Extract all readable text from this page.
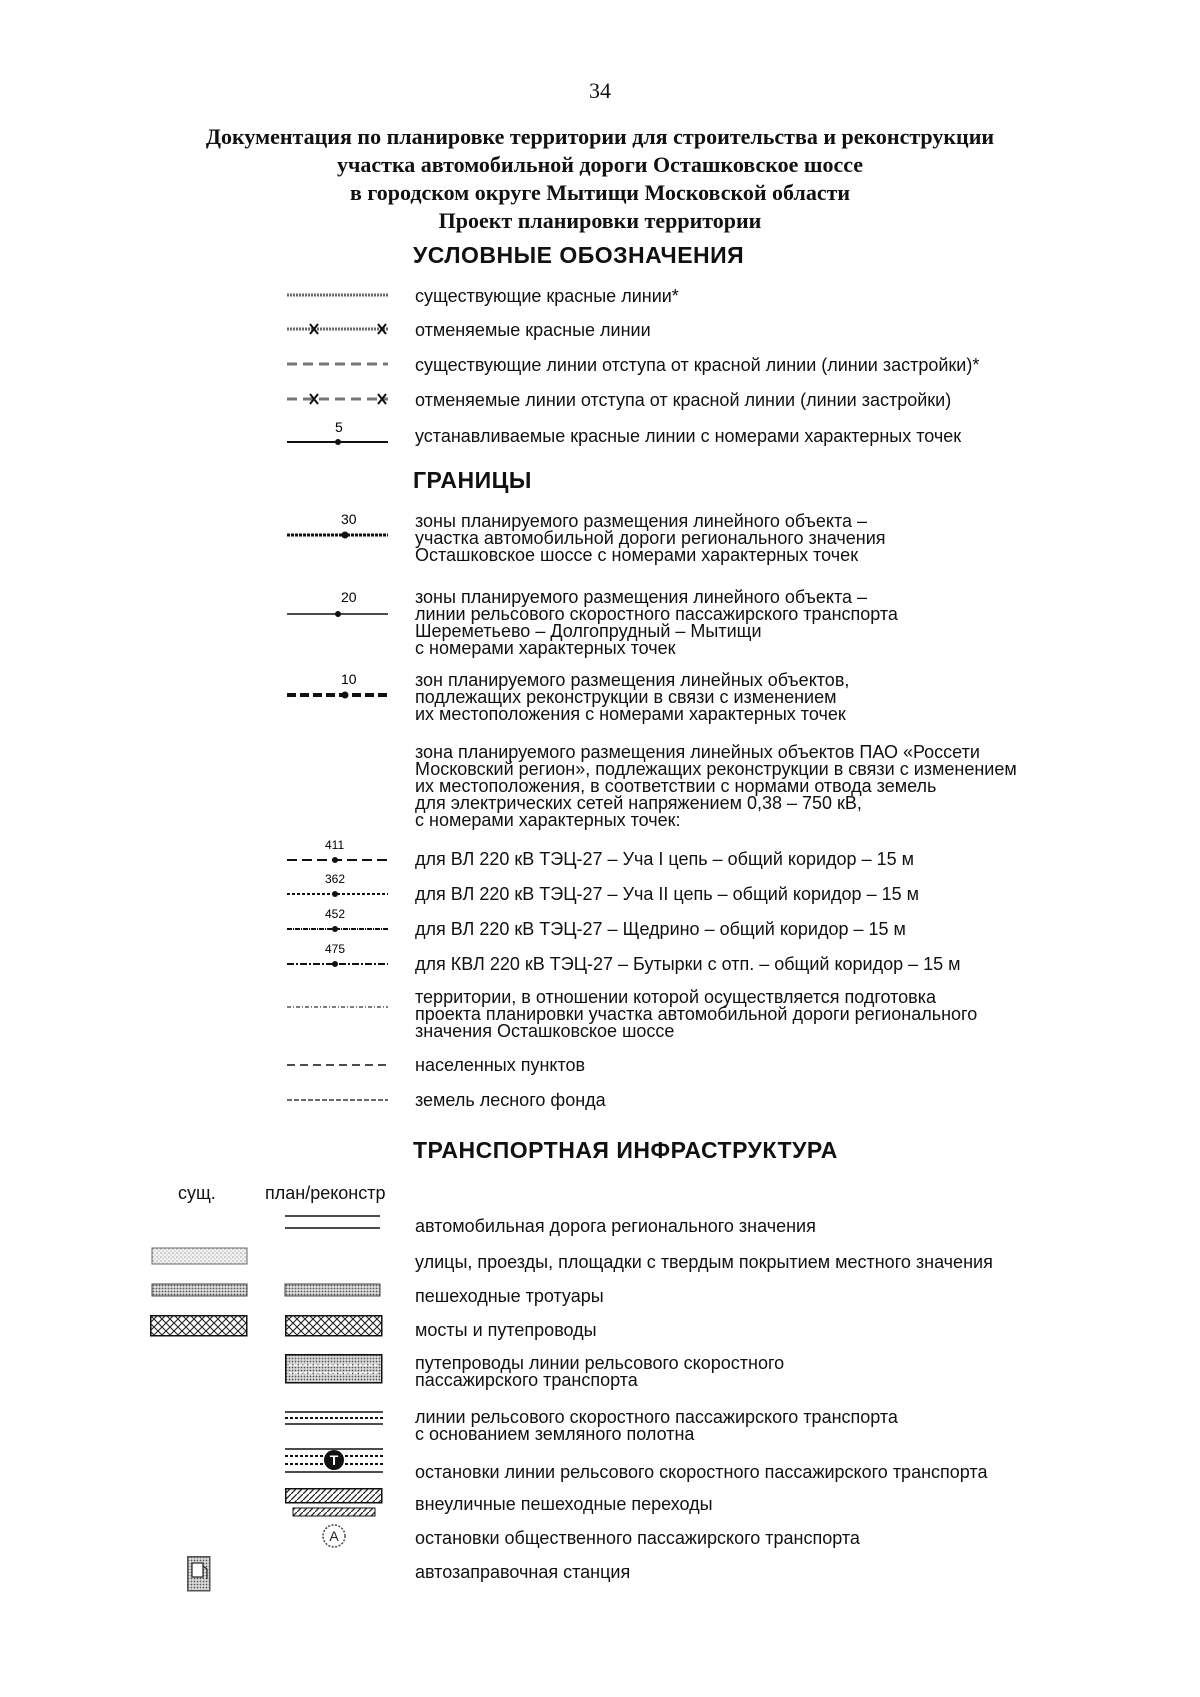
34
Документация по планировке территории для строительства и реконструкции
участка автомобильной дороги Осташковское шоссе
в городском округе Мытищи Московской области
Проект планировки территории
УСЛОВНЫЕ ОБОЗНАЧЕНИЯ
существующие красные линии*
отменяемые красные линии
существующие линии отступа от красной линии (линии застройки)*
отменяемые линии отступа от красной линии (линии застройки)
5	устанавливаемые красные линии с номерами характерных точек
ГРАНИЦЫ
30	зоны планируемого размещения линейного объекта –
участка автомобильной дороги регионального значения
Осташковское шоссе с номерами характерных точек
20	зоны планируемого размещения линейного объекта –
линии рельсового скоростного пассажирского транспорта
Шереметьево – Долгопрудный – Мытищи
с номерами характерных точек
10	зон планируемого размещения линейных объектов,
подлежащих реконструкции в связи с изменением
их местоположения с номерами характерных точек
зона планируемого размещения линейных объектов ПАО «Россети
Московский регион», подлежащих реконструкции в связи с изменением
их местоположения, в соответствии с нормами отвода земель
для электрических сетей напряжением 0,38 – 750 кВ,
с номерами характерных точек:
411
для ВЛ 220 кВ ТЭЦ-27 – Уча I цепь – общий коридор – 15 м
362
для ВЛ 220 кВ ТЭЦ-27 – Уча II цепь – общий коридор – 15 м
452
для ВЛ 220 кВ ТЭЦ-27 – Щедрино – общий коридор – 15 м
475
для КВЛ 220 кВ ТЭЦ-27 – Бутырки с отп. – общий коридор – 15 м
территории, в отношении которой осуществляется подготовка
проекта планировки участка автомобильной дороги регионального
значения Осташковское шоссе
населенных пунктов
земель лесного фонда
ТРАНСПОРТНАЯ ИНФРАСТРУКТУРА
сущ.	план/реконстр
автомобильная дорога регионального значения
улицы, проезды, площадки с твердым покрытием местного значения
пешеходные тротуары
мосты и путепроводы
путепроводы линии рельсового скоростного
пассажирского транспорта
линии рельсового скоростного пассажирского транспорта
с основанием земляного полотна
T
остановки линии рельсового скоростного пассажирского транспорта
внеуличные пешеходные переходы
A	остановки общественного пассажирского транспорта
автозаправочная станция
